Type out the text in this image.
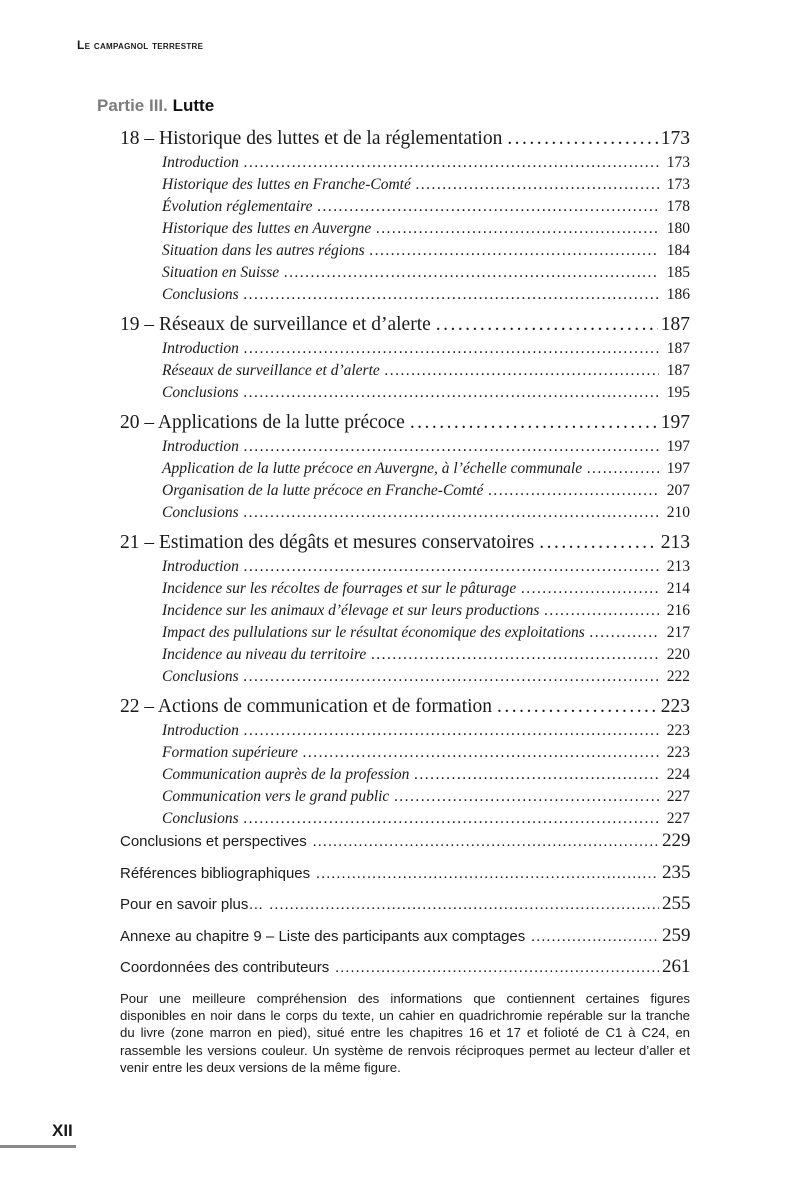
Le campagnol terrestre
Partie III. Lutte
18 – Historique des luttes et de la réglementation . . .	173
Introduction . . .	173
Historique des luttes en Franche-Comté . . .	173
Évolution réglementaire . . .	178
Historique des luttes en Auvergne . . .	180
Situation dans les autres régions . . .	184
Situation en Suisse . . .	185
Conclusions . . .	186
19 – Réseaux de surveillance et d’alerte . . .	187
Introduction . . .	187
Réseaux de surveillance et d’alerte . . .	187
Conclusions . . .	195
20 – Applications de la lutte précoce . . .	197
Introduction . . .	197
Application de la lutte précoce en Auvergne, à l’échelle communale . . .	197
Organisation de la lutte précoce en Franche-Comté . . .	207
Conclusions . . .	210
21 – Estimation des dégâts et mesures conservatoires . . .	213
Introduction . . .	213
Incidence sur les récoltes de fourrages et sur le pâturage . . .	214
Incidence sur les animaux d’élevage et sur leurs productions . . .	216
Impact des pullulations sur le résultat économique des exploitations . . .	217
Incidence au niveau du territoire . . .	220
Conclusions . . .	222
22 – Actions de communication et de formation . . .	223
Introduction . . .	223
Formation supérieure . . .	223
Communication auprès de la profession . . .	224
Communication vers le grand public . . .	227
Conclusions . . .	227
Conclusions et perspectives . . .	229
Références bibliographiques . . .	235
Pour en savoir plus… . . .	255
Annexe au chapitre 9 – Liste des participants aux comptages . . .	259
Coordonnées des contributeurs . . .	261

Pour une meilleure compréhension des informations que contiennent certaines figures disponibles en noir dans le corps du texte, un cahier en quadrichromie repérable sur la tranche du livre (zone marron en pied), situé entre les chapitres 16 et 17 et folioté de C1 à C24, en rassemble les versions couleur. Un système de renvois réciproques permet au lecteur d’aller et venir entre les deux versions de la même figure.

XII
